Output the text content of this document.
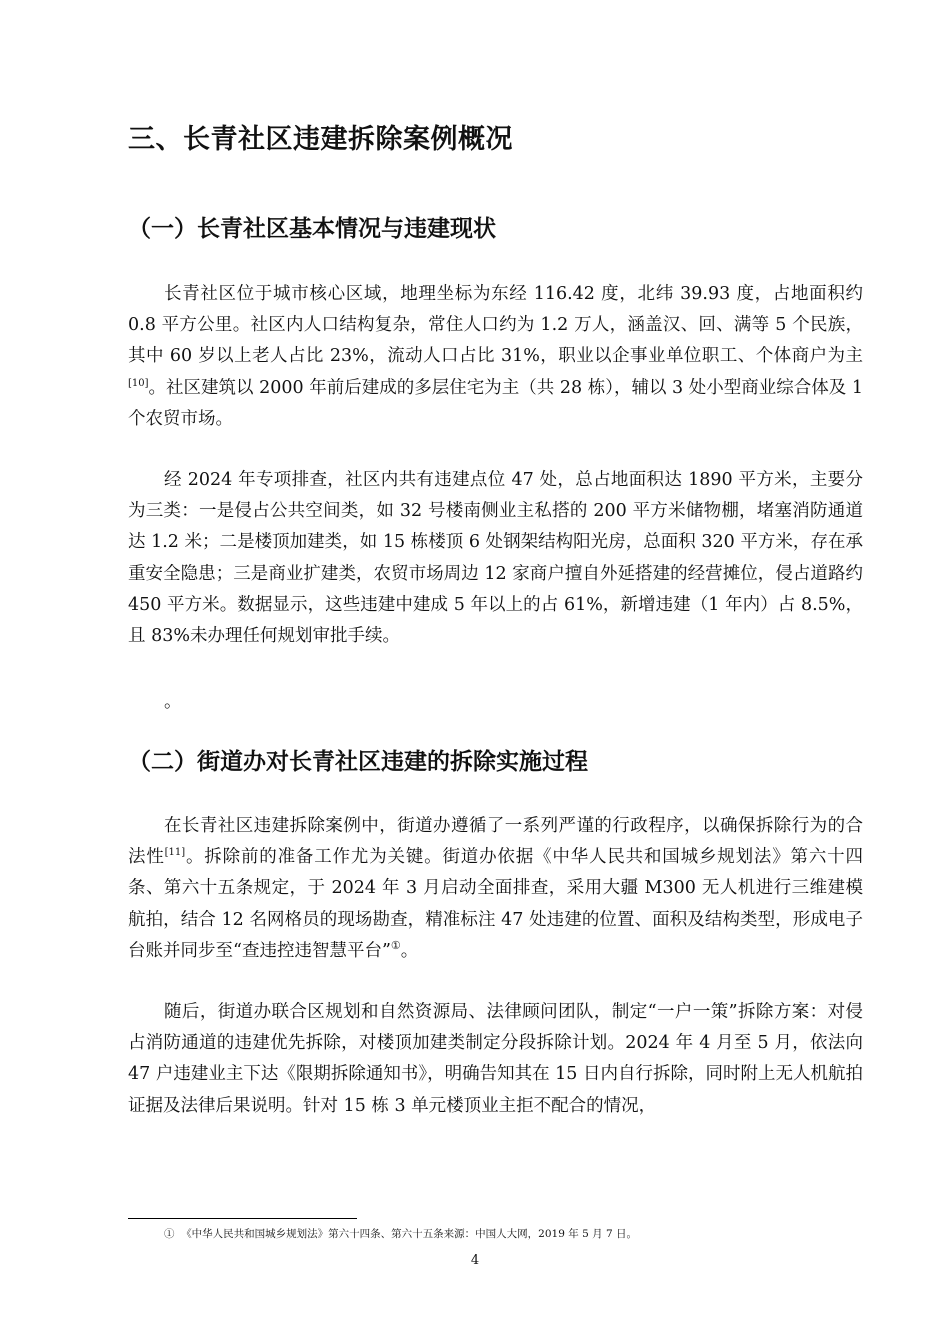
三、长青社区违建拆除案例概况
（一）长青社区基本情况与违建现状

长青社区位于城市核心区域，地理坐标为东经 116.42 度，北纬 39.93 度，占地面积约 0.8 平方公里。社区内人口结构复杂，常住人口约为 1.2 万人，涵盖汉、回、满等 5 个民族，其中 60 岁以上老人占比 23%，流动人口占比 31%，职业以企事业单位职工、个体商户为主[10]。社区建筑以 2000 年前后建成的多层住宅为主（共 28 栋），辅以 3 处小型商业综合体及 1 个农贸市场。

经 2024 年专项排查，社区内共有违建点位 47 处，总占地面积达 1890 平方米，主要分为三类：一是侵占公共空间类，如 32 号楼南侧业主私搭的 200 平方米储物棚，堵塞消防通道达 1.2 米；二是楼顶加建类，如 15 栋楼顶 6 处钢架结构阳光房，总面积 320 平方米，存在承重安全隐患；三是商业扩建类，农贸市场周边 12 家商户擅自外延搭建的经营摊位，侵占道路约 450 平方米。数据显示，这些违建中建成 5 年以上的占 61%，新增违建（1 年内）占 8.5%，且 83%未办理任何规划审批手续。

。

（二）街道办对长青社区违建的拆除实施过程

在长青社区违建拆除案例中，街道办遵循了一系列严谨的行政程序，以确保拆除行为的合法性[11]。拆除前的准备工作尤为关键。街道办依据《中华人民共和国城乡规划法》第六十四条、第六十五条规定，于 2024 年 3 月启动全面排查，采用大疆 M300 无人机进行三维建模航拍，结合 12 名网格员的现场勘查，精准标注 47 处违建的位置、面积及结构类型，形成电子台账并同步至“查违控违智慧平台”①。

随后，街道办联合区规划和自然资源局、法律顾问团队，制定“一户一策”拆除方案：对侵占消防通道的违建优先拆除，对楼顶加建类制定分段拆除计划。2024 年 4 月至 5 月，依法向 47 户违建业主下达《限期拆除通知书》，明确告知其在 15 日内自行拆除，同时附上无人机航拍证据及法律后果说明。针对 15 栋 3 单元楼顶业主拒不配合的情况，

① 《中华人民共和国城乡规划法》第六十四条、第六十五条来源：中国人大网，2019 年 5 月 7 日。

4
